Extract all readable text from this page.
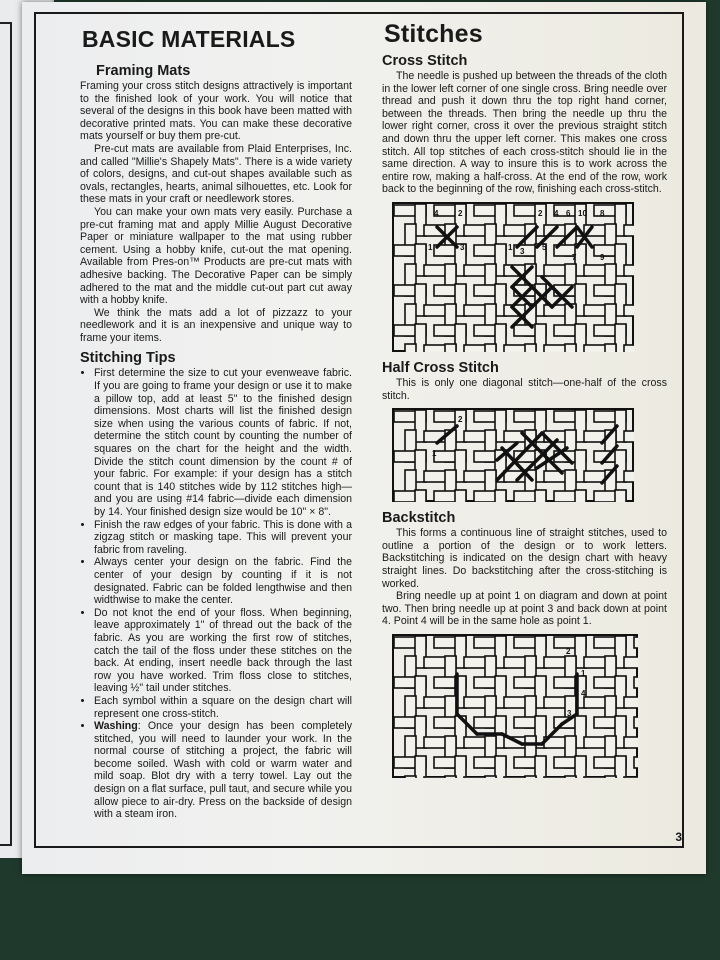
BASIC MATERIALS
Framing Mats

Framing your cross stitch designs attractively is important to the finished look of your work. You will notice that several of the designs in this book have been matted with decorative printed mats. You can make these decorative mats yourself or buy them pre-cut.

Pre-cut mats are available from Plaid Enterprises, Inc. and called "Millie's Shapely Mats". There is a wide variety of colors, designs, and cut-out shapes available such as ovals, rectangles, hearts, animal silhouettes, etc. Look for these mats in your craft or needlework stores.

You can make your own mats very easily. Purchase a pre-cut framing mat and apply Millie August Decorative Paper or miniature wallpaper to the mat using rubber cement. Using a hobby knife, cut-out the mat opening. Available from Pres-on™ Products are pre-cut mats with adhesive backing. The Decorative Paper can be simply adhered to the mat and the middle cut-out part cut away with a hobby knife.

We think the mats add a lot of pizzazz to your needlework and it is an inexpensive and unique way to frame your items.

Stitching Tips
• First determine the size to cut your evenweave fabric. If you are going to frame your design or use it to make a pillow top, add at least 5" to the finished design dimensions. Most charts will list the finished design size when using the various counts of fabric. If not, determine the stitch count by counting the number of squares on the chart for the height and the width. Divide the stitch count dimension by the count # of your fabric. For example: if your design has a stitch count that is 140 stitches wide by 112 stitches high—and you are using #14 fabric—divide each dimension by 14. Your finished design size would be 10" × 8".
• Finish the raw edges of your fabric. This is done with a zigzag stitch or masking tape. This will prevent your fabric from raveling.
• Always center your design on the fabric. Find the center of your design by counting if it is not designated. Fabric can be folded lengthwise and then widthwise to make the center.
• Do not knot the end of your floss. When beginning, leave approximately 1" of thread out the back of the fabric. As you are working the first row of stitches, catch the tail of the floss under these stitches on the back. At ending, insert needle back through the last row you have worked. Trim floss close to stitches, leaving ½" tail under stitches.
• Each symbol within a square on the design chart will represent one cross-stitch.
• Washing: Once your design has been completely stitched, you will need to launder your work. In the normal course of stitching a project, the fabric will become soiled. Wash with cold or warm water and mild soap. Blot dry with a terry towel. Lay out the design on a flat surface, pull taut, and secure while you allow piece to air-dry. Press on the backside of design with a steam iron.
Stitches
Cross Stitch

The needle is pushed up between the threads of the cloth in the lower left corner of one single cross. Bring needle over thread and push it down thru the top right hand corner, between the threads. Then bring the needle up thru the lower right corner, cross it over the previous straight stitch and down thru the upper left corner. This makes one cross stitch. All top stitches of each cross-stitch should lie in the same direction. A way to insure this is to work across the entire row, making a half-cross. At the end of the row, work back to the beginning of the row, finishing each cross-stitch.

4 2
1	3	1
2
3
4
5
6 10 8
7	9
Half Cross Stitch

This is only one diagonal stitch—one-half of the cross stitch.

2
1
Backstitch

This forms a continuous line of straight stitches, used to outline a portion of the design or to work letters. Backstitching is indicated on the design chart with heavy straight lines. Do backstitching after the cross-stitching is worked.

Bring needle up at point 1 on diagram and down at point two. Then bring needle up at point 3 and back down at point 4. Point 4 will be in the same hole as point 1.

2
1
4
3
3
